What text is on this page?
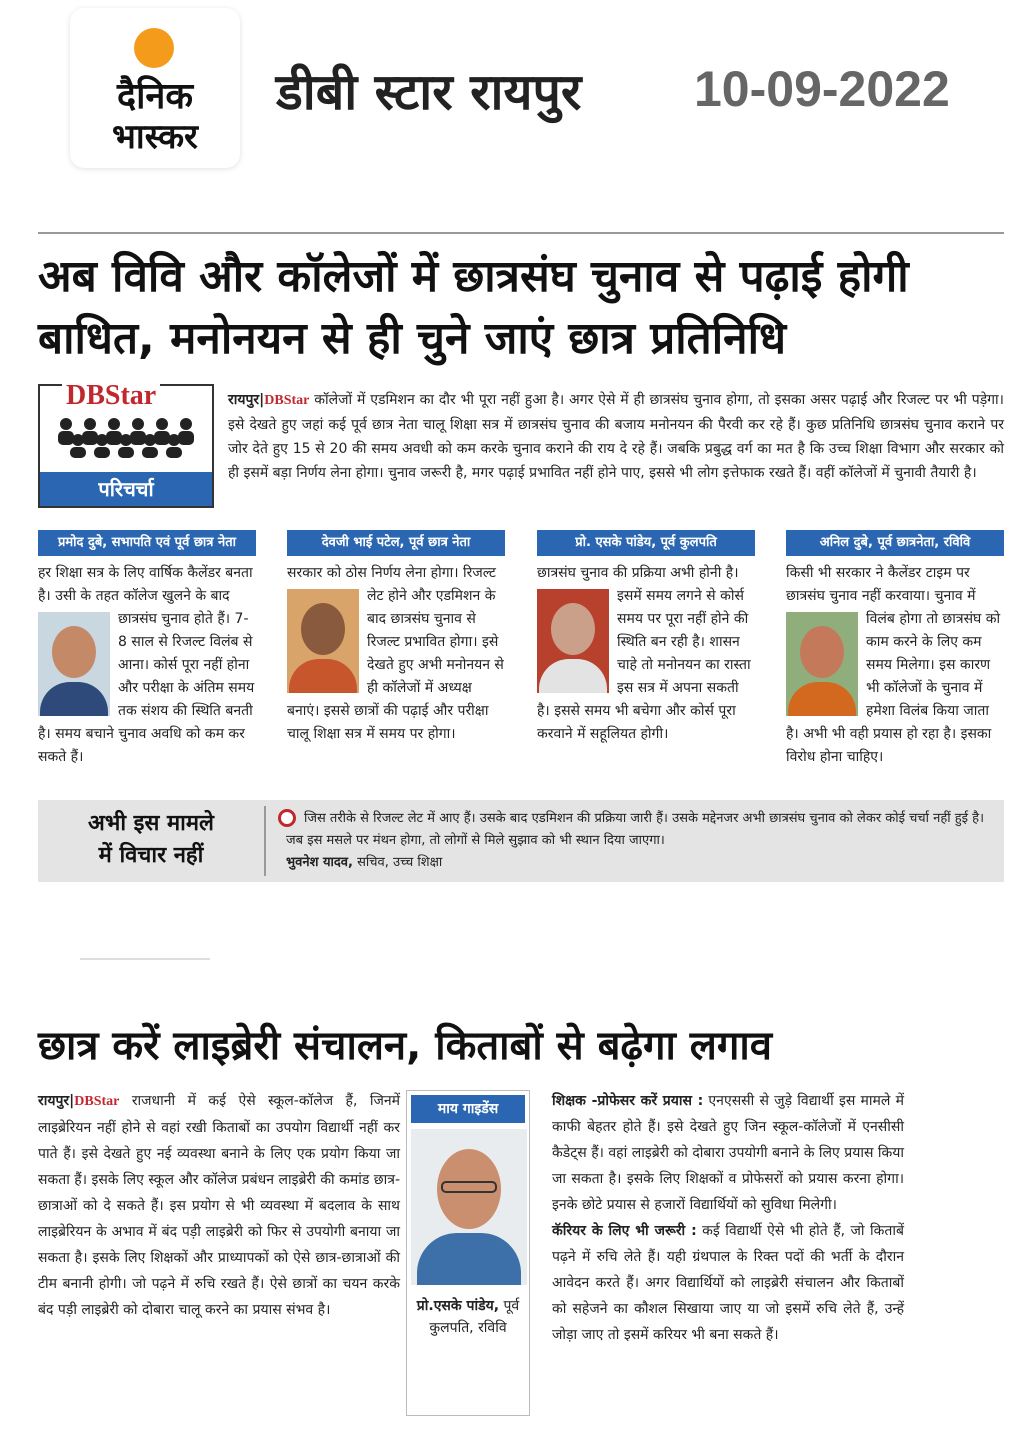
दैनिक
भास्कर
डीबी स्टार रायपुर 10-09-2022
अब विवि और कॉलेजों में छात्रसंघ चुनाव से पढ़ाई होगी बाधित, मनोनयन से ही चुने जाएं छात्र प्रतिनिधि
DBStar
परिचर्चा
रायपुर|DBStar कॉलेजों में एडमिशन का दौर भी पूरा नहीं हुआ है। अगर ऐसे में ही छात्रसंघ चुनाव होगा, तो इसका असर पढ़ाई और रिजल्ट पर भी पड़ेगा। इसे देखते हुए जहां कई पूर्व छात्र नेता चालू शिक्षा सत्र में छात्रसंघ चुनाव की बजाय मनोनयन की पैरवी कर रहे हैं। कुछ प्रतिनिधि छात्रसंघ चुनाव कराने पर जोर देते हुए 15 से 20 की समय अवधी को कम करके चुनाव कराने की राय दे रहे हैं। जबकि प्रबुद्ध वर्ग का मत है कि उच्च शिक्षा विभाग और सरकार को ही इसमें बड़ा निर्णय लेना होगा। चुनाव जरूरी है, मगर पढ़ाई प्रभावित नहीं होने पाए, इससे भी लोग इत्तेफाक रखते हैं। वहीं कॉलेजों में चुनावी तैयारी है।
प्रमोद दुबे, सभापति एवं पूर्व छात्र नेता
हर शिक्षा सत्र के लिए वार्षिक कैलेंडर बनता है। उसी के तहत कॉलेज खुलने के बाद छात्रसंघ चुनाव होते हैं। 7-8 साल से रिजल्ट विलंब से आना। कोर्स पूरा नहीं होना और परीक्षा के अंतिम समय तक संशय की स्थिति बनती है। समय बचाने चुनाव अवधि को कम कर सकते हैं।
देवजी भाई पटेल, पूर्व छात्र नेता
सरकार को ठोस निर्णय लेना होगा। रिजल्ट लेट होने और एडमिशन के
बाद छात्रसंघ चुनाव से रिजल्ट प्रभावित होगा। इसे देखते हुए अभी मनोनयन से ही कॉलेजों में अध्यक्ष बनाएं। इससे छात्रों की पढ़ाई और परीक्षा चालू शिक्षा सत्र में समय पर होगा।
प्रो. एसके पांडेय, पूर्व कुलपति
छात्रसंघ चुनाव की प्रक्रिया अभी होनी है। इसमें समय लगने से कोर्स
समय पर पूरा नहीं होने की स्थिति बन रही है। शासन चाहे तो मनोनयन का रास्ता इस सत्र में अपना सकती है। इससे समय भी बचेगा और कोर्स पूरा करवाने में सहूलियत होगी।
अनिल दुबे, पूर्व छात्रनेता, रविवि
किसी भी सरकार ने कैलेंडर टाइम पर छात्रसंघ चुनाव नहीं करवाया। चुनाव में विलंब होगा तो छात्रसंघ को काम करने के लिए कम समय मिलेगा। इस कारण भी कॉलेजों के चुनाव में हमेशा विलंब किया जाता है। अभी भी वही प्रयास हो रहा है। इसका विरोध होना चाहिए।
अभी इस मामले
में विचार नहीं
जिस तरीके से रिजल्ट लेट में आए हैं। उसके बाद एडमिशन की प्रक्रिया जारी हैं। उसके मद्देनजर अभी छात्रसंघ चुनाव को लेकर कोई चर्चा नहीं हुई है। जब इस मसले पर मंथन होगा, तो लोगों से मिले सुझाव को भी स्थान दिया जाएगा।
भुवनेश यादव, सचिव, उच्च शिक्षा
छात्र करें लाइब्रेरी संचालन, किताबों से बढ़ेगा लगाव
रायपुर|DBStar राजधानी में कई ऐसे स्कूल-कॉलेज हैं, जिनमें लाइब्रेरियन नहीं होने से वहां रखी किताबों का उपयोग विद्यार्थी नहीं कर पाते हैं। इसे देखते हुए नई व्यवस्था बनाने के लिए एक प्रयोग किया जा सकता हैं। इसके लिए स्कूल और कॉलेज प्रबंधन लाइब्रेरी की कमांड छात्र-छात्राओं को दे सकते हैं। इस प्रयोग से भी व्यवस्था में बदलाव के साथ लाइब्रेरियन के अभाव में बंद पड़ी लाइब्रेरी को फिर से उपयोगी बनाया जा सकता है। इसके लिए शिक्षकों और प्राध्यापकों को ऐसे छात्र-छात्राओं की टीम बनानी होगी। जो पढ़ने में रुचि रखते हैं। ऐसे छात्रों का चयन करके बंद पड़ी लाइब्रेरी को दोबारा चालू करने का प्रयास संभव है।
माय गाइडेंस
प्रो.एसके पांडेय, पूर्व कुलपति, रविवि

शिक्षक -प्रोफेसर करें प्रयास : एनएससी से जुड़े विद्यार्थी इस मामले में काफी बेहतर होते हैं। इसे देखते हुए जिन स्कूल-कॉलेजों में एनसीसी कैडेट्स हैं। वहां लाइब्रेरी को दोबारा उपयोगी बनाने के लिए प्रयास किया जा सकता है। इसके लिए शिक्षकों व प्रोफेसरों को प्रयास करना होगा। इनके छोटे प्रयास से हजारों विद्यार्थियों को सुविधा मिलेगी।

कॅरियर के लिए भी जरूरी : कई विद्यार्थी ऐसे भी होते हैं, जो किताबें पढ़ने में रुचि लेते हैं। यही ग्रंथपाल के रिक्त पदों की भर्ती के दौरान आवेदन करते हैं। अगर विद्यार्थियों को लाइब्रेरी संचालन और किताबों को सहेजने का कौशल सिखाया जाए या जो इसमें रुचि लेते हैं, उन्हें जोड़ा जाए तो इसमें करियर भी बना सकते हैं।
